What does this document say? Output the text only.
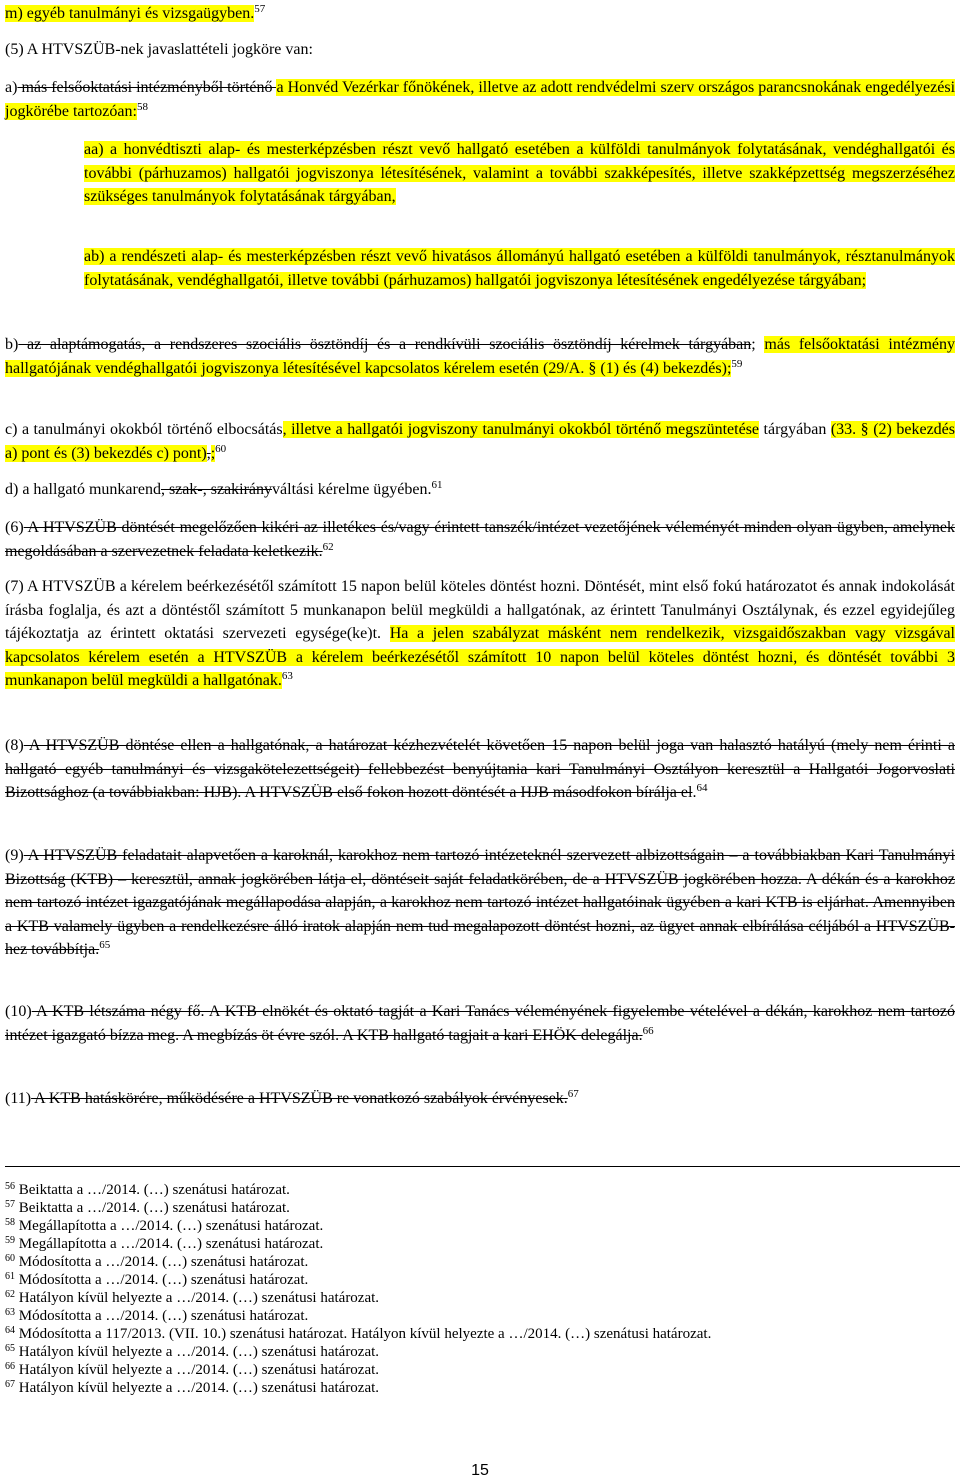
m) egyéb tanulmányi és vizsgaügyben.$^{57}$

(5) A HTVSZÜB-nek javaslattételi jogköre van:

a) más felsőoktatási intézményből történő a Honvéd Vezérkar főnökének, illetve az adott rendvédelmi szerv országos parancsnokának engedélyezési jogkörébe tartozóan:$^{58}$

aa) a honvédtiszti alap- és mesterképzésben részt vevő hallgató esetében a külföldi tanulmányok folytatásának, vendéghallgatói és további (párhuzamos) hallgatói jogviszonya létesítésének, valamint a további szakképesítés, illetve szakképzettség megszerzéséhez szükséges tanulmányok folytatásának tárgyában,

ab) a rendészeti alap- és mesterképzésben részt vevő hivatásos állományú hallgató esetében a külföldi tanulmányok, résztanulmányok folytatásának, vendéghallgatói, illetve további (párhuzamos) hallgatói jogviszonya létesítésének engedélyezése tárgyában;

b) az alaptámogatás, a rendszeres szociális ösztöndíj és a rendkívüli szociális ösztöndíj kérelmek tárgyában; más felsőoktatási intézmény hallgatójának vendéghallgatói jogviszonya létesítésével kapcsolatos kérelem esetén (29/A. § (1) és (4) bekezdés);$^{59}$

c) a tanulmányi okokból történő elbocsátás, illetve a hallgatói jogviszony tanulmányi okokból történő megszüntetése tárgyában (33. § (2) bekezdés a) pont és (3) bekezdés c) pont),;$^{60}$

d) a hallgató munkarend, szak-, szakirányváltási kérelme ügyében.$^{61}$

(6) A HTVSZÜB döntését megelőzően kikéri az illetékes és/vagy érintett tanszék/intézet vezetőjének véleményét minden olyan ügyben, amelynek megoldásában a szervezetnek feladata keletkezik.$^{62}$

(7) A HTVSZÜB a kérelem beérkezésétől számított 15 napon belül köteles döntést hozni. Döntését, mint első fokú határozatot és annak indokolását írásba foglalja, és azt a döntéstől számított 5 munkanapon belül megküldi a hallgatónak, az érintett Tanulmányi Osztálynak, és ezzel egyidejűleg tájékoztatja az érintett oktatási szervezeti egysége(ke)t. Ha a jelen szabályzat másként nem rendelkezik, vizsgaidőszakban vagy vizsgával kapcsolatos kérelem esetén a HTVSZÜB a kérelem beérkezésétől számított 10 napon belül köteles döntést hozni, és döntését további 3 munkanapon belül megküldi a hallgatónak.$^{63}$

(8) A HTVSZÜB döntése ellen a hallgatónak, a határozat kézhezvételét követően 15 napon belül joga van halasztó hatályú (mely nem érinti a hallgató egyéb tanulmányi és vizsgakötelezettségeit) fellebbezést benyújtania kari Tanulmányi Osztályon keresztül a Hallgatói Jogorvoslati Bizottsághoz (a továbbiakban: HJB). A HTVSZÜB első fokon hozott döntését a HJB másodfokon bírálja el.$^{64}$

(9) A HTVSZÜB feladatait alapvetően a karoknál, karokhoz nem tartozó intézeteknél szervezett albizottságain – a továbbiakban Kari Tanulmányi Bizottság (KTB) – keresztül, annak jogkörében látja el, döntéseit saját feladatkörében, de a HTVSZÜB jogkörében hozza. A dékán és a karokhoz nem tartozó intézet igazgatójának megállapodása alapján, a karokhoz nem tartozó intézet hallgatóinak ügyében a kari KTB is eljárhat. Amennyiben a KTB valamely ügyben a rendelkezésre álló iratok alapján nem tud megalapozott döntést hozni, az ügyet annak elbírálása céljából a HTVSZÜB-hez továbbítja.$^{65}$

(10) A KTB létszáma négy fő. A KTB elnökét és oktató tagját a Kari Tanács véleményének figyelembe vételével a dékán, karokhoz nem tartozó intézet igazgató bízza meg. A megbízás öt évre szól. A KTB hallgató tagjait a kari EHÖK delegálja.$^{66}$

(11) A KTB hatáskörére, működésére a HTVSZÜB re vonatkozó szabályok érvényesek.$^{67}$

$^{56}$ Beiktatta a …/2014. (…) szenátusi határozat.
$^{57}$ Beiktatta a …/2014. (…) szenátusi határozat.
$^{58}$ Megállapította a …/2014. (…) szenátusi határozat.
$^{59}$ Megállapította a …/2014. (…) szenátusi határozat.
$^{60}$ Módosította a …/2014. (…) szenátusi határozat.
$^{61}$ Módosította a …/2014. (…) szenátusi határozat.
$^{62}$ Hatályon kívül helyezte a …/2014. (…) szenátusi határozat.
$^{63}$ Módosította a …/2014. (…) szenátusi határozat.
$^{64}$ Módosította a 117/2013. (VII. 10.) szenátusi határozat. Hatályon kívül helyezte a …/2014. (…) szenátusi határozat.
$^{65}$ Hatályon kívül helyezte a …/2014. (…) szenátusi határozat.
$^{66}$ Hatályon kívül helyezte a …/2014. (…) szenátusi határozat.
$^{67}$ Hatályon kívül helyezte a …/2014. (…) szenátusi határozat.
15
